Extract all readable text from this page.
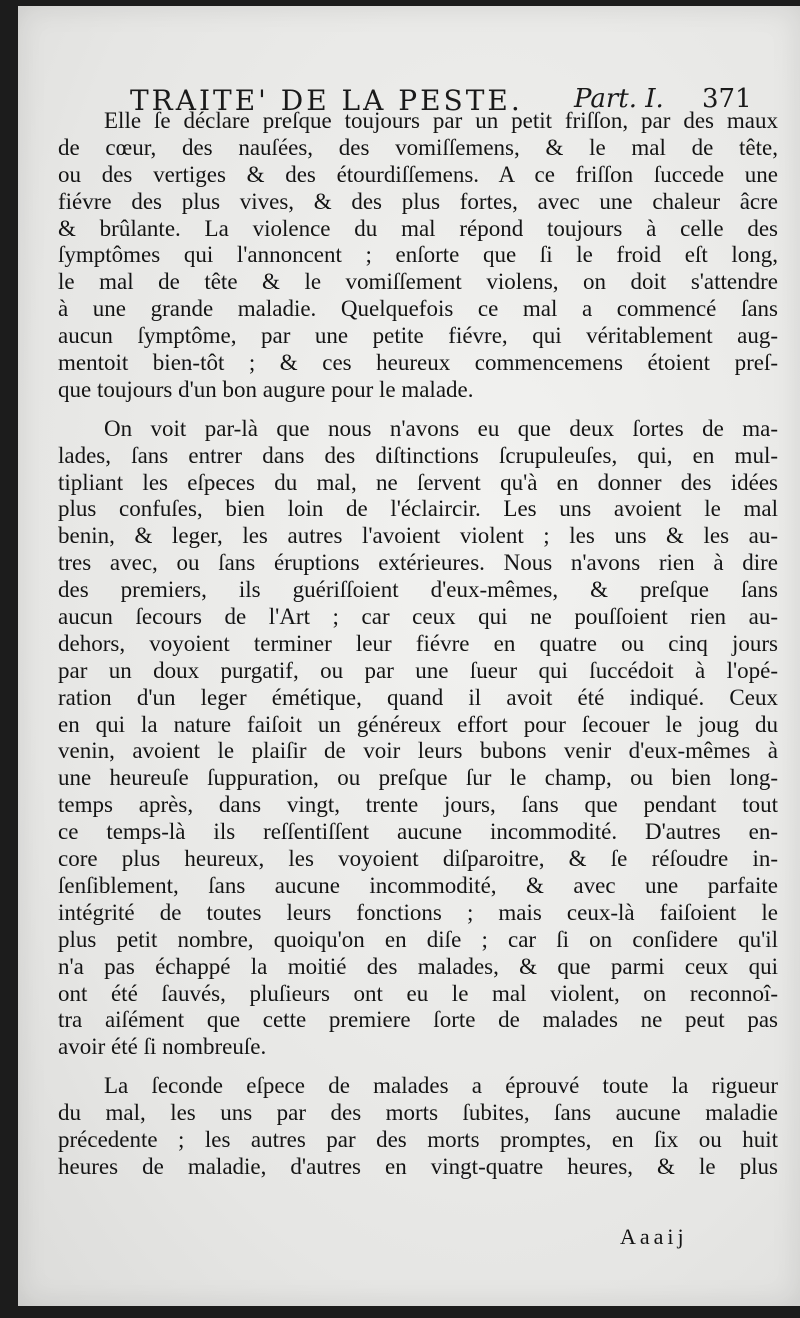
TRAITE' DE LA PESTE. Part. I. 371
Elle ſe déclare preſque toujours par un petit friſſon, par des maux
de cœur, des nauſées, des vomiſſemens, & le mal de tête,
ou des vertiges & des étourdiſſemens. A ce friſſon ſuccede une
fiévre des plus vives, & des plus fortes, avec une chaleur âcre
& brûlante. La violence du mal répond toujours à celle des
ſymptômes qui l'annoncent ; enſorte que ſi le froid eſt long,
le mal de tête & le vomiſſement violens, on doit s'attendre
à une grande maladie. Quelquefois ce mal a commencé ſans
aucun ſymptôme, par une petite fiévre, qui véritablement aug-
mentoit bien-tôt ; & ces heureux commencemens étoient preſ-
que toujours d'un bon augure pour le malade.
On voit par-là que nous n'avons eu que deux ſortes de ma-
lades, ſans entrer dans des diſtinctions ſcrupuleuſes, qui, en mul-
tipliant les eſpeces du mal, ne ſervent qu'à en donner des idées
plus confuſes, bien loin de l'éclaircir. Les uns avoient le mal
benin, & leger, les autres l'avoient violent ; les uns & les au-
tres avec, ou ſans éruptions extérieures. Nous n'avons rien à dire
des premiers, ils guériſſoient d'eux-mêmes, & preſque ſans
aucun ſecours de l'Art ; car ceux qui ne pouſſoient rien au-
dehors, voyoient terminer leur fiévre en quatre ou cinq jours
par un doux purgatif, ou par une ſueur qui ſuccédoit à l'opé-
ration d'un leger émétique, quand il avoit été indiqué. Ceux
en qui la nature faiſoit un généreux effort pour ſecouer le joug du
venin, avoient le plaiſir de voir leurs bubons venir d'eux-mêmes à
une heureuſe ſuppuration, ou preſque ſur le champ, ou bien long-
temps après, dans vingt, trente jours, ſans que pendant tout
ce temps-là ils reſſentiſſent aucune incommodité. D'autres en-
core plus heureux, les voyoient diſparoitre, & ſe réſoudre in-
ſenſiblement, ſans aucune incommodité, & avec une parfaite
intégrité de toutes leurs fonctions ; mais ceux-là faiſoient le
plus petit nombre, quoiqu'on en diſe ; car ſi on conſidere qu'il
n'a pas échappé la moitié des malades, & que parmi ceux qui
ont été ſauvés, pluſieurs ont eu le mal violent, on reconnoî-
tra aiſément que cette premiere ſorte de malades ne peut pas
avoir été ſi nombreuſe.
La ſeconde eſpece de malades a éprouvé toute la rigueur
du mal, les uns par des morts ſubites, ſans aucune maladie
précedente ; les autres par des morts promptes, en ſix ou huit
heures de maladie, d'autres en vingt-quatre heures, & le plus
Aaaij
